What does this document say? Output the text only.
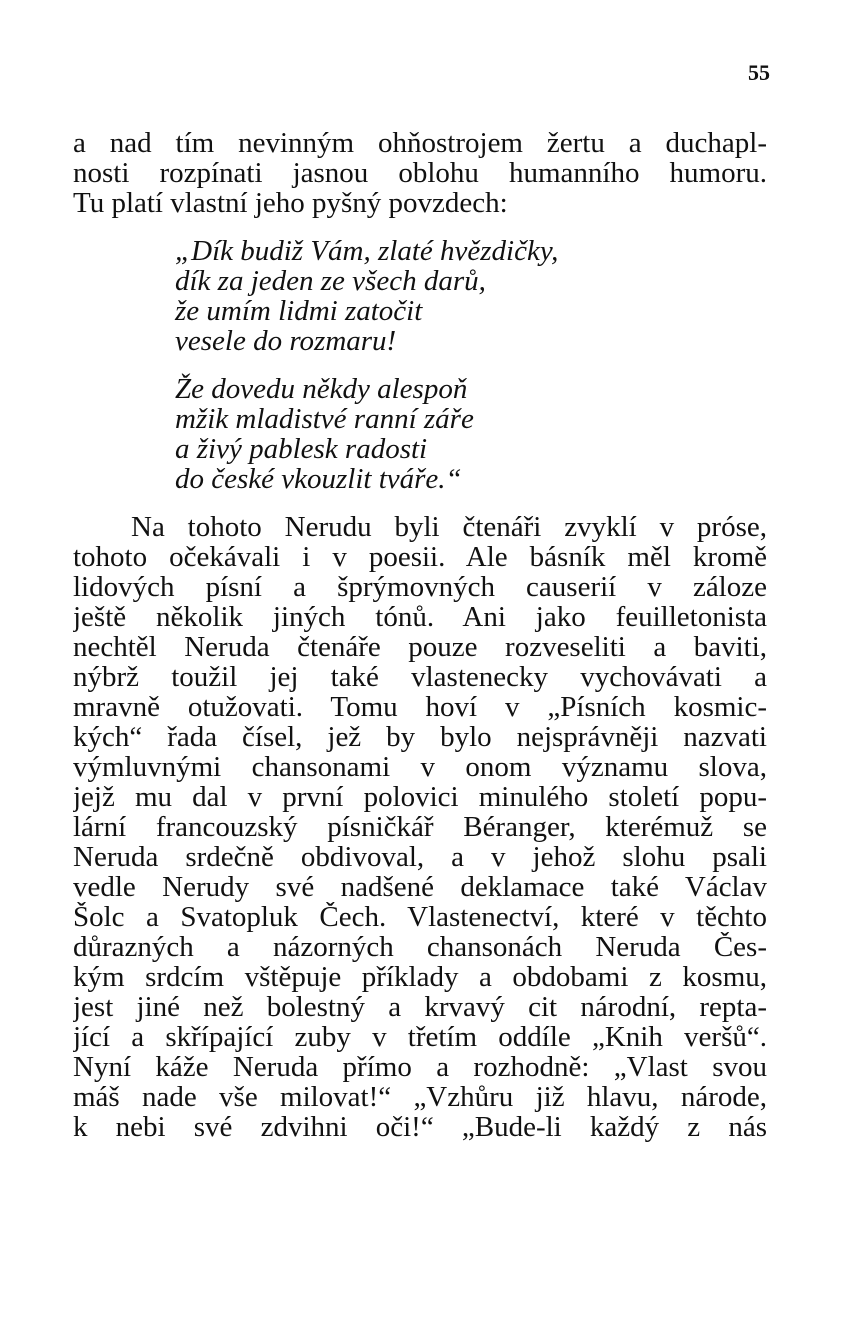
55
a nad tím nevinným ohňostrojem žertu a duchapl-
nosti rozpínati jasnou oblohu humanního humoru.
Tu platí vlastní jeho pyšný povzdech:
„Dík budiž Vám, zlaté hvězdičky,
dík za jeden ze všech darů,
že umím lidmi zatočit
vesele do rozmaru!
Že dovedu někdy alespoň
mžik mladistvé ranní záře
a živý pablesk radosti
do české vkouzlit tváře.“
Na tohoto Nerudu byli čtenáři zvyklí v próse,
tohoto očekávali i v poesii. Ale básník měl kromě
lidových písní a šprýmovných causerií v záloze
ještě několik jiných tónů. Ani jako feuilletonista
nechtěl Neruda čtenáře pouze rozveseliti a baviti,
nýbrž toužil jej také vlastenecky vychovávati a
mravně otužovati. Tomu hoví v „Písních kosmic-
kých“ řada čísel, jež by bylo nejsprávněji nazvati
výmluvnými chansonami v onom významu slova,
jejž mu dal v první polovici minulého století popu-
lární francouzský písničkář Béranger, kterémuž se
Neruda srdečně obdivoval, a v jehož slohu psali
vedle Nerudy své nadšené deklamace také Václav
Šolc a Svatopluk Čech. Vlastenectví, které v těchto
důrazných a názorných chansonách Neruda Čes-
kým srdcím vštěpuje příklady a obdobami z kosmu,
jest jiné než bolestný a krvavý cit národní, repta-
jící a skřípající zuby v třetím oddíle „Knih veršů“.
Nyní káže Neruda přímo a rozhodně: „Vlast svou
máš nade vše milovat!“ „Vzhůru již hlavu, národe,
k nebi své zdvihni oči!“ „Bude-li každý z nás
